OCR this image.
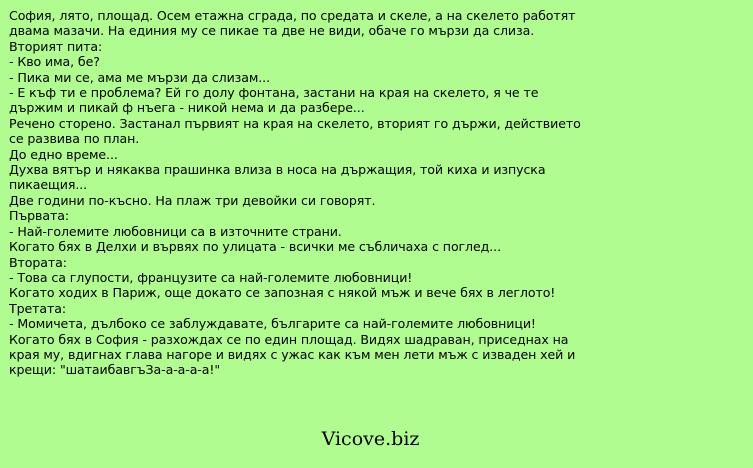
София, лято, площад. Осем етажна сграда, по средата и скеле, а на скелето работят
двама мазачи. На единия му се пикае та две не види, обаче го мързи да слиза.
Вторият пита:
- Кво има, бе?
- Пика ми се, ама ме мързи да слизам...
- Е къф ти е проблема? Ей го долу фонтана, застани на края на скелето, я че те
държим и пикай ф нъега - никой нема и да разбере...
Речено сторено. Застанал първият на края на скелето, вторият го държи, действието
се развива по план.
До едно време...
Духва вятър и някаква прашинка влиза в носа на държащия, той киха и изпуска
пикаещия...
Две години по-късно. На плаж три девойки си говорят.
Първата:
- Най-големите любовници са в източните страни.
Когато бях в Делхи и вървях по улицата - всички ме събличаха с поглед...
Втората:
- Това са глупости, французите са най-големите любовници!
Когато ходих в Париж, още докато се запозная с някой мъж и вече бях в леглото!
Третата:
- Момичета, дълбоко се заблуждавате, българите са най-големите любовници!
Когато бях в София - разхождах се по един площад. Видях шадраван, приседнах на
края му, вдигнах глава нагоре и видях с ужас как към мен лети мъж с изваден хей и
крещи: "шатаибавгъЗа-а-а-а-а!"
Vicove.biz
